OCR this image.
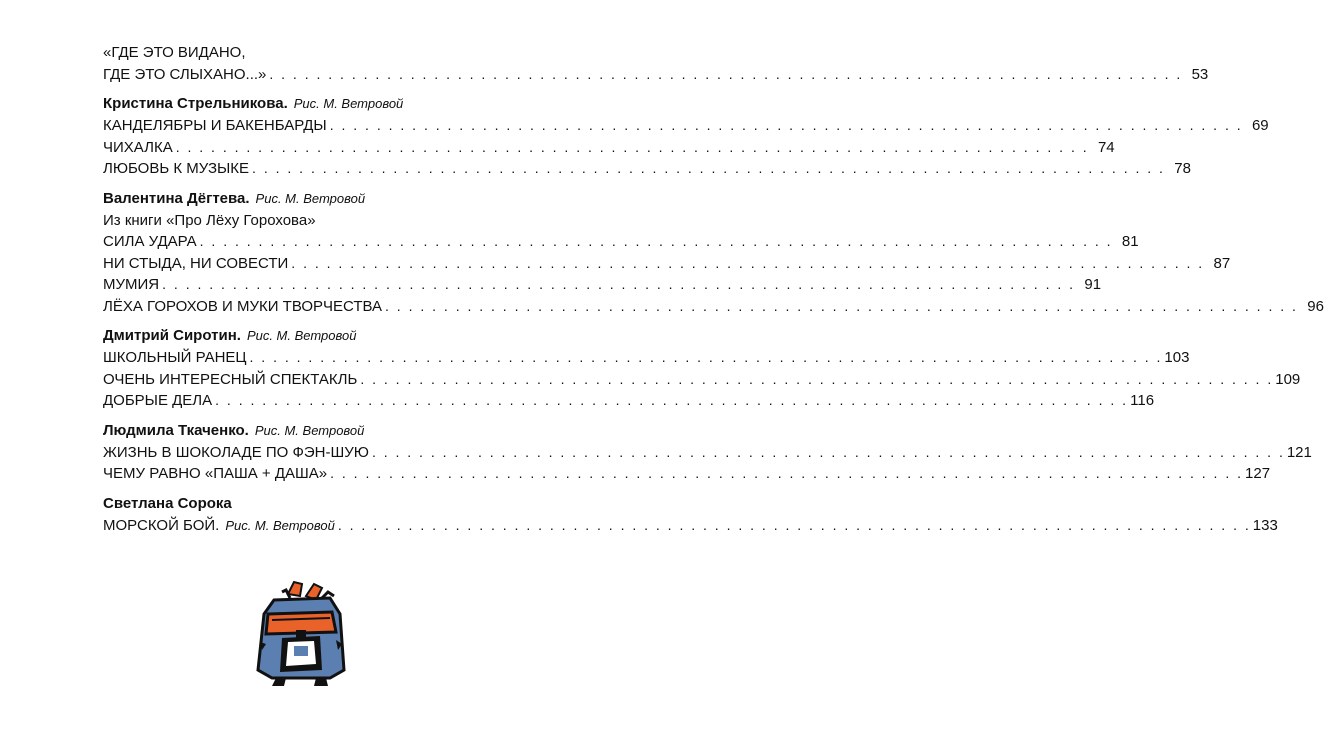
«ГДЕ ЭТО ВИДАНО,
ГДЕ ЭТО СЛЫХАНО...» . . . . . . . . . . . . . . . . . . . . . . . . . . . . . . . . . . . . . . . . . . . . . . . . . . . . . . . . . . . . . . . . . . . . . . . . . . . . . . 53
Кристина Стрельникова. Рис. М. Ветровой
КАНДЕЛЯБРЫ И БАКЕНБАРДЫ . . . . . . . . . . . . . . . . . . . . . . . . . . . . . . . . . . . . . . . . . . . . . . . . . . . . . . . . . . . . . . . . . . . . . . . . . . . . . . 69
ЧИХАЛКА . . . . . . . . . . . . . . . . . . . . . . . . . . . . . . . . . . . . . . . . . . . . . . . . . . . . . . . . . . . . . . . . . . . . . . . . . . . . . . 74
ЛЮБОВЬ К МУЗЫКЕ . . . . . . . . . . . . . . . . . . . . . . . . . . . . . . . . . . . . . . . . . . . . . . . . . . . . . . . . . . . . . . . . . . . . . . . . . . . . . . 78
Валентина Дёгтева. Рис. М. Ветровой
Из книги «Про Лёху Горохова»
СИЛА УДАРА . . . . . . . . . . . . . . . . . . . . . . . . . . . . . . . . . . . . . . . . . . . . . . . . . . . . . . . . . . . . . . . . . . . . . . . . . . . . . . 81
НИ СТЫДА, НИ СОВЕСТИ . . . . . . . . . . . . . . . . . . . . . . . . . . . . . . . . . . . . . . . . . . . . . . . . . . . . . . . . . . . . . . . . . . . . . . . . . . . . . . 87
МУМИЯ . . . . . . . . . . . . . . . . . . . . . . . . . . . . . . . . . . . . . . . . . . . . . . . . . . . . . . . . . . . . . . . . . . . . . . . . . . . . . . 91
ЛЁХА ГОРОХОВ И МУКИ ТВОРЧЕСТВА . . . . . . . . . . . . . . . . . . . . . . . . . . . . . . . . . . . . . . . . . . . . . . . . . . . . . . . . . . . . . . . . . . . . . . . . . . . . . . 96
Дмитрий Сиротин. Рис. М. Ветровой
ШКОЛЬНЫЙ РАНЕЦ . . . . . . . . . . . . . . . . . . . . . . . . . . . . . . . . . . . . . . . . . . . . . . . . . . . . . . . . . . . . . . . . . . . . . . . . . . . . . . 103
ОЧЕНЬ ИНТЕРЕСНЫЙ СПЕКТАКЛЬ . . . . . . . . . . . . . . . . . . . . . . . . . . . . . . . . . . . . . . . . . . . . . . . . . . . . . . . . . . . . . . . . . . . . . . . . . . . . . . 109
ДОБРЫЕ ДЕЛА . . . . . . . . . . . . . . . . . . . . . . . . . . . . . . . . . . . . . . . . . . . . . . . . . . . . . . . . . . . . . . . . . . . . . . . . . . . . . . 116
Людмила Ткаченко. Рис. М. Ветровой
ЖИЗНЬ В ШОКОЛАДЕ ПО ФЭН-ШУЮ . . . . . . . . . . . . . . . . . . . . . . . . . . . . . . . . . . . . . . . . . . . . . . . . . . . . . . . . . . . . . . . . . . . . . . . . . . . . . . 121
ЧЕМУ РАВНО «ПАША + ДАША» . . . . . . . . . . . . . . . . . . . . . . . . . . . . . . . . . . . . . . . . . . . . . . . . . . . . . . . . . . . . . . . . . . . . . . . . . . . . . . 127
Светлана Сорока
МОРСКОЙ БОЙ. Рис. М. Ветровой . . . . . . . . . . . . . . . . . . . . . . . . . . . . . . . . . . . . . . . . . . . . . . . . . . . . . . . . . . . . . . . . . . . . . . . . . . . . . . 133
